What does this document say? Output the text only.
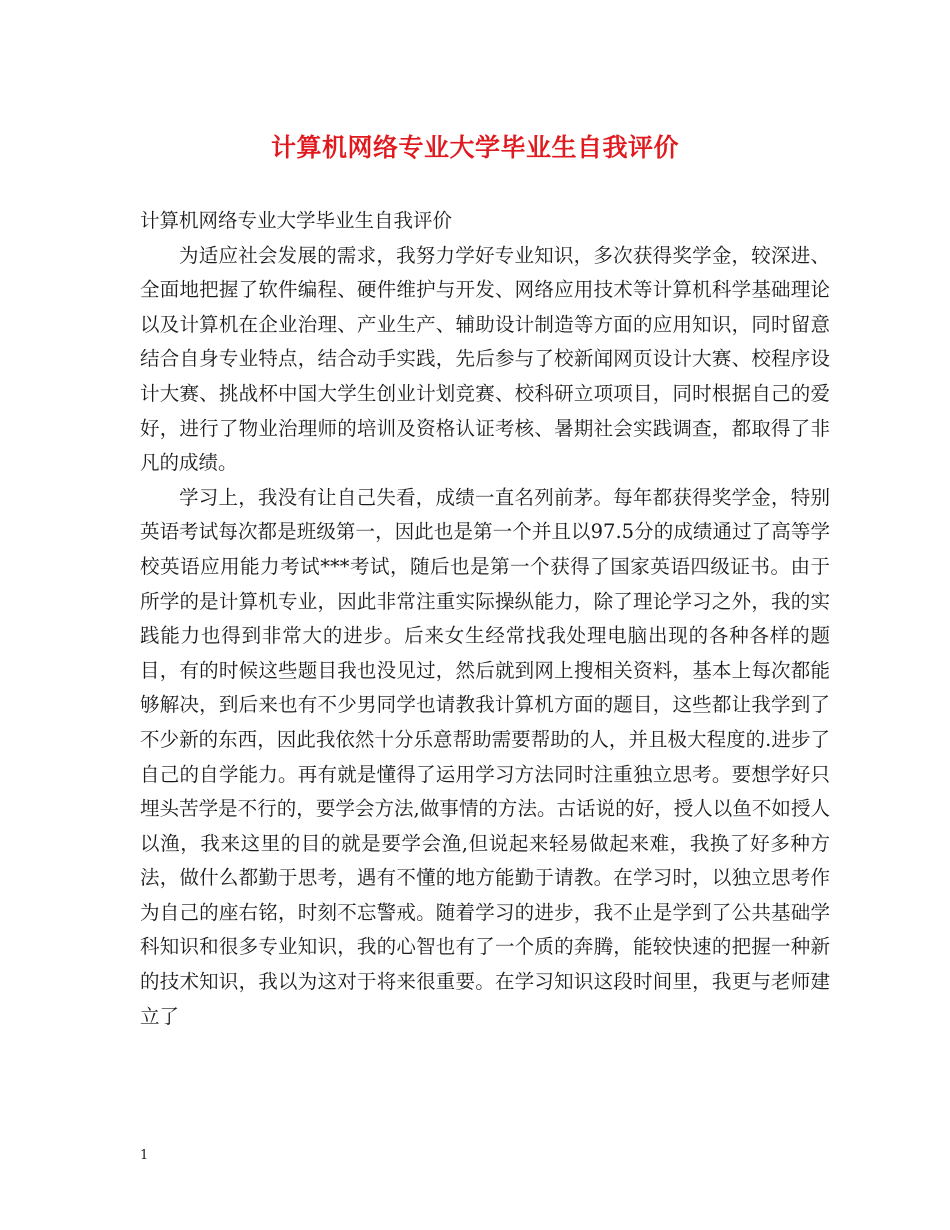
计算机网络专业大学毕业生自我评价

计算机网络专业大学毕业生自我评价

为适应社会发展的需求，我努力学好专业知识，多次获得奖学金，较深进、全面地把握了软件编程、硬件维护与开发、网络应用技术等计算机科学基础理论以及计算机在企业治理、产业生产、辅助设计制造等方面的应用知识，同时留意结合自身专业特点，结合动手实践，先后参与了校新闻网页设计大赛、校程序设计大赛、挑战杯中国大学生创业计划竞赛、校科研立项项目，同时根据自己的爱好，进行了物业治理师的培训及资格认证考核、暑期社会实践调查，都取得了非凡的成绩。

学习上，我没有让自己失看，成绩一直名列前茅。每年都获得奖学金，特别英语考试每次都是班级第一，因此也是第一个并且以97.5分的成绩通过了高等学校英语应用能力考试***考试，随后也是第一个获得了国家英语四级证书。由于所学的是计算机专业，因此非常注重实际操纵能力，除了理论学习之外，我的实践能力也得到非常大的进步。后来女生经常找我处理电脑出现的各种各样的题目，有的时候这些题目我也没见过，然后就到网上搜相关资料，基本上每次都能够解决，到后来也有不少男同学也请教我计算机方面的题目，这些都让我学到了不少新的东西，因此我依然十分乐意帮助需要帮助的人，并且极大程度的.进步了自己的自学能力。再有就是懂得了运用学习方法同时注重独立思考。要想学好只埋头苦学是不行的，要学会方法,做事情的方法。古话说的好，授人以鱼不如授人以渔，我来这里的目的就是要学会渔,但说起来轻易做起来难，我换了好多种方法，做什么都勤于思考，遇有不懂的地方能勤于请教。在学习时，以独立思考作为自己的座右铭，时刻不忘警戒。随着学习的进步，我不止是学到了公共基础学科知识和很多专业知识，我的心智也有了一个质的奔腾，能较快速的把握一种新的技术知识，我以为这对于将来很重要。在学习知识这段时间里，我更与老师建立了

1
